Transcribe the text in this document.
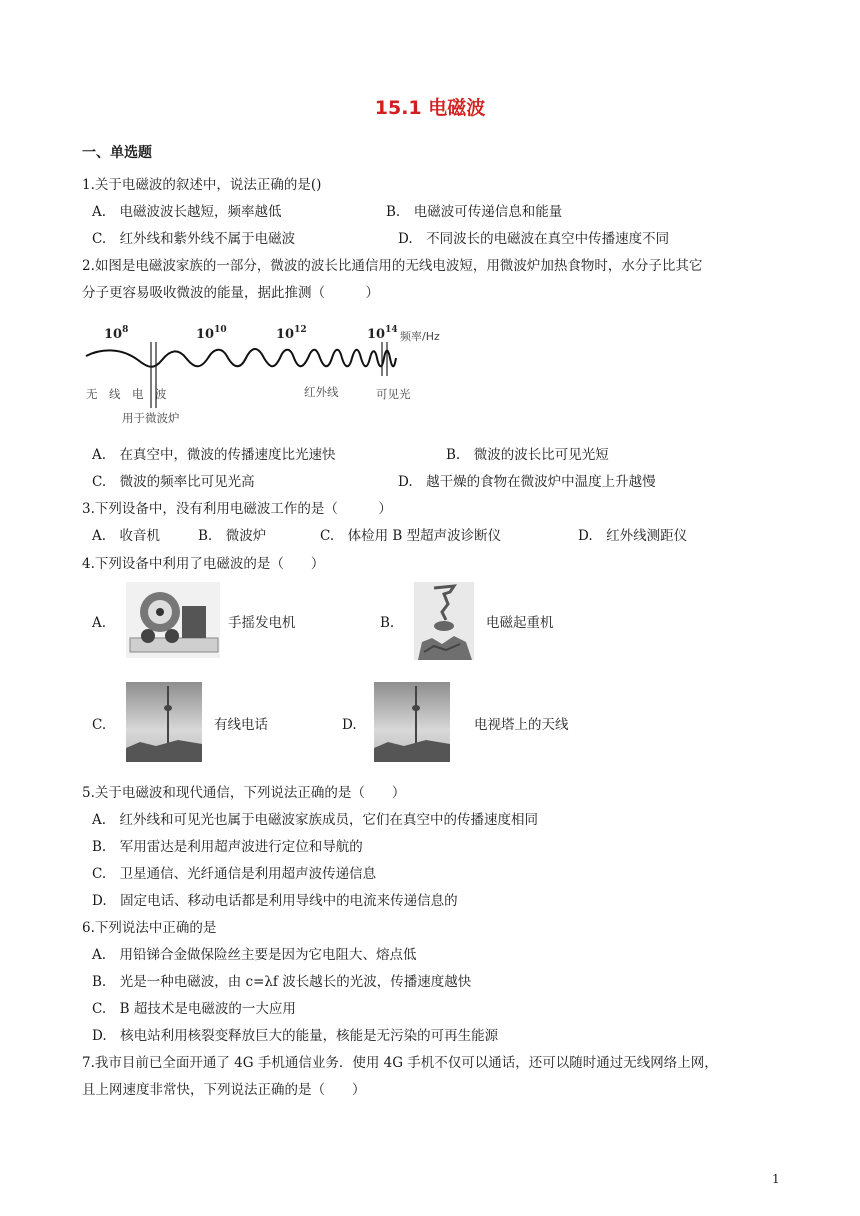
15.1 电磁波
一、单选题
1.关于电磁波的叙述中，说法正确的是()
A.　电磁波波长越短，频率越低	B.　电磁波可传递信息和能量
C.　红外线和紫外线不属于电磁波	D.　不同波长的电磁波在真空中传播速度不同
2.如图是电磁波家族的一部分，微波的波长比通信用的无线电波短，用微波炉加热食物时，水分子比其它
分子更容易吸收微波的能量，据此推测（　　　）
$10^8$	$10^{10}$	$10^{12}$	$10^{14}$ 频率/Hz
无　线　电　波	红外线	可见光
用于微波炉
A.　在真空中，微波的传播速度比光速快	B.　微波的波长比可见光短
C.　微波的频率比可见光高	D.　越干燥的食物在微波炉中温度上升越慢
3.下列设备中，没有利用电磁波工作的是（　　　）
A.　收音机	B.　微波炉	C.　体检用 B 型超声波诊断仪	D.　红外线测距仪
4.下列设备中利用了电磁波的是（　　）
A.	手摇发电机	B.	电磁起重机
C.	有线电话	D.	电视塔上的天线
5.关于电磁波和现代通信，下列说法正确的是（　　）
A.　红外线和可见光也属于电磁波家族成员，它们在真空中的传播速度相同
B.　军用雷达是利用超声波进行定位和导航的
C.　卫星通信、光纤通信是利用超声波传递信息
D.　固定电话、移动电话都是利用导线中的电流来传递信息的
6.下列说法中正确的是
A.　用铅锑合金做保险丝主要是因为它电阻大、熔点低
B.　光是一种电磁波，由 c=λf 波长越长的光波，传播速度越快
C.　B 超技术是电磁波的一大应用
D.　核电站利用核裂变释放巨大的能量，核能是无污染的可再生能源
7.我市目前已全面开通了 4G 手机通信业务．使用 4G 手机不仅可以通话，还可以随时通过无线网络上网，
且上网速度非常快，下列说法正确的是（　　）
1
